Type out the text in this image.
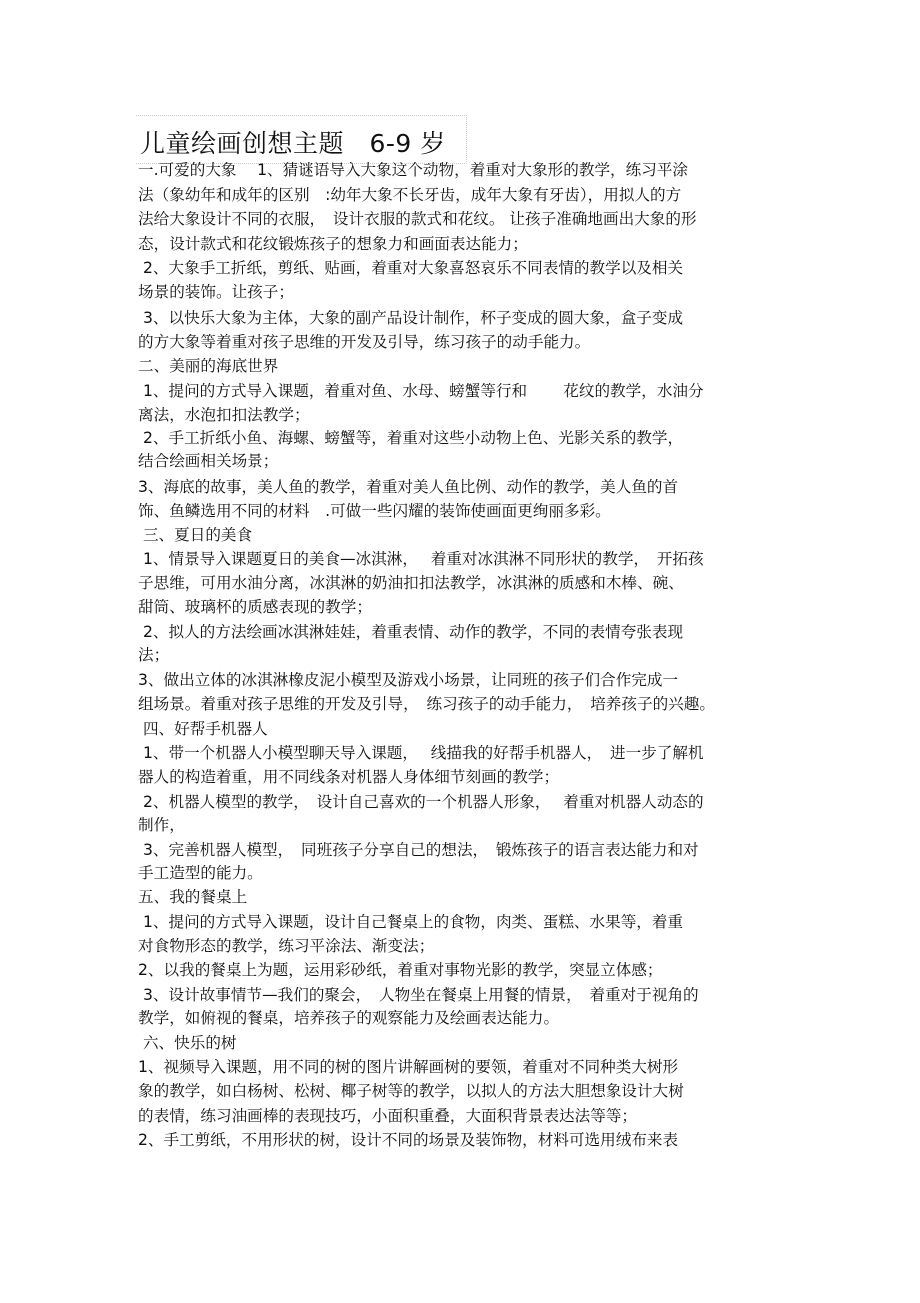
儿童绘画创想主题　6-9 岁
一.可爱的大象　 1、猜谜语导入大象这个动物，着重对大象形的教学，练习平涂
法（象幼年和成年的区别　:幼年大象不长牙齿，成年大象有牙齿），用拟人的方
法给大象设计不同的衣服，　设计衣服的款式和花纹。 让孩子准确地画出大象的形
态，设计款式和花纹锻炼孩子的想象力和画面表达能力；
2、大象手工折纸，剪纸、贴画，着重对大象喜怒哀乐不同表情的教学以及相关
场景的装饰。让孩子；
3、以快乐大象为主体，大象的副产品设计制作，杯子变成的圆大象，盒子变成
的方大象等着重对孩子思维的开发及引导，练习孩子的动手能力。
二、美丽的海底世界
1、提问的方式导入课题，着重对鱼、水母、螃蟹等行和　　 花纹的教学，水油分
离法，水泡扣扣法教学；
2、手工折纸小鱼、海螺、螃蟹等，着重对这些小动物上色、光影关系的教学，
结合绘画相关场景；
3、海底的故事，美人鱼的教学，着重对美人鱼比例、动作的教学，美人鱼的首
饰、鱼鳞选用不同的材料　.可做一些闪耀的装饰使画面更绚丽多彩。
三、夏日的美食
1、情景导入课题夏日的美食—冰淇淋，　 着重对冰淇淋不同形状的教学，　开拓孩
子思维，可用水油分离，冰淇淋的奶油扣扣法教学，冰淇淋的质感和木棒、碗、
甜筒、玻璃杯的质感表现的教学；
2、拟人的方法绘画冰淇淋娃娃，着重表情、动作的教学，不同的表情夸张表现
法；
3、做出立体的冰淇淋橡皮泥小模型及游戏小场景，让同班的孩子们合作完成一
组场景。着重对孩子思维的开发及引导，　练习孩子的动手能力，　培养孩子的兴趣。
四、好帮手机器人
1、带一个机器人小模型聊天导入课题，　 线描我的好帮手机器人，　进一步了解机
器人的构造着重，用不同线条对机器人身体细节刻画的教学；
2、机器人模型的教学，　设计自己喜欢的一个机器人形象，　 着重对机器人动态的
制作，
3、完善机器人模型，　同班孩子分享自己的想法，　锻炼孩子的语言表达能力和对
手工造型的能力。
五、我的餐桌上
1、提问的方式导入课题，设计自己餐桌上的食物，肉类、蛋糕、水果等，着重
对食物形态的教学，练习平涂法、渐变法；
2、以我的餐桌上为题，运用彩砂纸，着重对事物光影的教学，突显立体感；
3、设计故事情节—我们的聚会，　人物坐在餐桌上用餐的情景，　着重对于视角的
教学，如俯视的餐桌，培养孩子的观察能力及绘画表达能力。
六、快乐的树
1、视频导入课题，用不同的树的图片讲解画树的要领，着重对不同种类大树形
象的教学，如白杨树、松树、椰子树等的教学，以拟人的方法大胆想象设计大树
的表情，练习油画棒的表现技巧，小面积重叠，大面积背景表达法等等；
2、手工剪纸，不用形状的树，设计不同的场景及装饰物，材料可选用绒布来表
